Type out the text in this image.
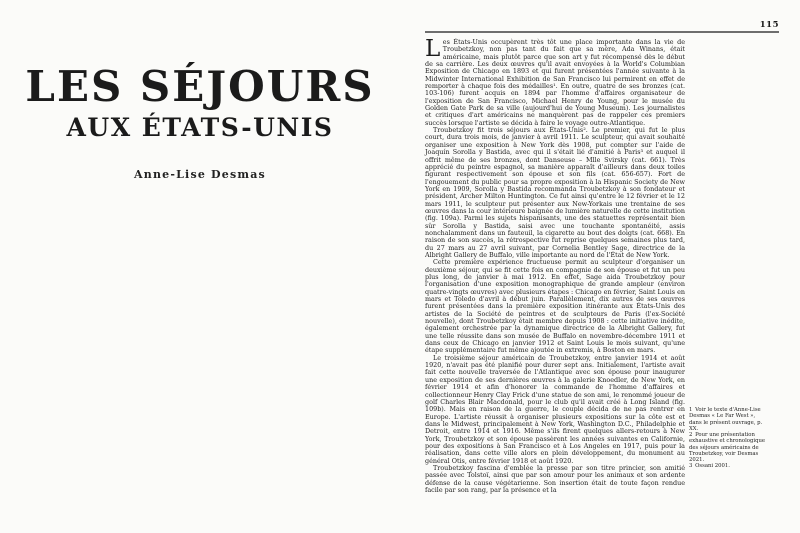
LES SÉJOURS
AUX ÉTATS-UNIS
Anne-Lise Desmas
115

Les États-Unis occupèrent très tôt une place importante dans la vie de Troubetzkoy, non pas tant du fait que sa mère, Ada Winans, était américaine, mais plutôt parce que son art y fut récompensé dès le début de sa carrière. Les deux œuvres qu'il avait envoyées à la World's Columbian Exposition de Chicago en 1893 et qui furent présentées l'année suivante à la Midwinter International Exhibition de San Francisco lui permirent en effet de remporter à chaque fois des médailles¹. En outre, quatre de ses bronzes (cat. 103-106) furent acquis en 1894 par l'homme d'affaires organisateur de l'exposition de San Francisco, Michael Henry de Young, pour le musée du Golden Gate Park de sa ville (aujourd'hui de Young Museum). Les journalistes et critiques d'art américains ne manquèrent pas de rappeler ces premiers succès lorsque l'artiste se décida à faire le voyage outre-Atlantique.

Troubetzkoy fit trois séjours aux États-Unis². Le premier, qui fut le plus court, dura trois mois, de janvier à avril 1911. Le sculpteur, qui avait souhaité organiser une exposition à New York dès 1908, put compter sur l'aide de Joaquín Sorolla y Bastida, avec qui il s'était lié d'amitié à Paris³ et auquel il offrit même de ses bronzes, dont Danseuse – Mlle Svirsky (cat. 661). Très apprécié du peintre espagnol, sa manière apparaît d'ailleurs dans deux toiles figurant respectivement son épouse et son fils (cat. 656-657). Fort de l'engouement du public pour sa propre exposition à la Hispanic Society de New York en 1909, Sorolla y Bastida recommanda Troubetzkoy à son fondateur et président, Archer Milton Huntington. Ce fut ainsi qu'entre le 12 février et le 12 mars 1911, le sculpteur put présenter aux New-Yorkais une trentaine de ses œuvres dans la cour intérieure baignée de lumière naturelle de cette institution (fig. 109a). Parmi les sujets hispanisants, une des statuettes représentait bien sûr Sorolla y Bastida, saisi avec une touchante spontanéité, assis nonchalamment dans un fauteuil, la cigarette au bout des doigts (cat. 668). En raison de son succès, la rétrospective fut reprise quelques semaines plus tard, du 27 mars au 27 avril suivant, par Cornelia Bentley Sage, directrice de la Albright Gallery de Buffalo, ville importante au nord de l'État de New York.

Cette première expérience fructueuse permit au sculpteur d'organiser un deuxième séjour, qui se fit cette fois en compagnie de son épouse et fut un peu plus long, de janvier à mai 1912. En effet, Sage aida Troubetzkoy pour l'organisation d'une exposition monographique de grande ampleur (environ quatre-vingts œuvres) avec plusieurs étapes : Chicago en février, Saint Louis en mars et Toledo d'avril à début juin. Parallèlement, dix autres de ses œuvres furent présentées dans la première exposition itinérante aux États-Unis des artistes de la Société de peintres et de sculpteurs de Paris (l'ex-Société nouvelle), dont Troubetzkoy était membre depuis 1908 : cette initiative inédite, également orchestrée par la dynamique directrice de la Albright Gallery, fut une telle réussite dans son musée de Buffalo en novembre-décembre 1911 et dans ceux de Chicago en janvier 1912 et Saint Louis le mois suivant, qu'une étape supplémentaire fut même ajoutée in extremis, à Boston en mars.

Le troisième séjour américain de Troubetzkoy, entre janvier 1914 et août 1920, n'avait pas été planifié pour durer sept ans. Initialement, l'artiste avait fait cette nouvelle traversée de l'Atlantique avec son épouse pour inaugurer une exposition de ses dernières œuvres à la galerie Knoedler, de New York, en février 1914 et afin d'honorer la commande de l'homme d'affaires et collectionneur Henry Clay Frick d'une statue de son ami, le renommé joueur de golf Charles Blair Macdonald, pour le club qu'il avait créé à Long Island (fig. 109b). Mais en raison de la guerre, le couple décida de ne pas rentrer en Europe. L'artiste réussit à organiser plusieurs expositions sur la côte est et dans le Midwest, principalement à New York, Washington D.C., Philadelphie et Detroit, entre 1914 et 1916. Même s'ils firent quelques allers-retours à New York, Troubetzkoy et son épouse passèrent les années suivantes en Californie, pour des expositions à San Francisco et à Los Angeles en 1917, puis pour la réalisation, dans cette ville alors en plein développement, du monument au général Otis, entre février 1918 et août 1920.

Troubetzkoy fascina d'emblée la presse par son titre princier, son amitié passée avec Tolstoï, ainsi que par son amour pour les animaux et son ardente défense de la cause végétarienne. Son insertion était de toute façon rendue facile par son rang, par la présence et la

1 Voir le texte d'Anne-Lise Desmas « Le Far West », dans le présent ouvrage, p. XX.

2 Pour une présentation exhaustive et chronologique des séjours américains de Troubetzkoy, voir Desmas 2021.

3 Ossani 2001.
